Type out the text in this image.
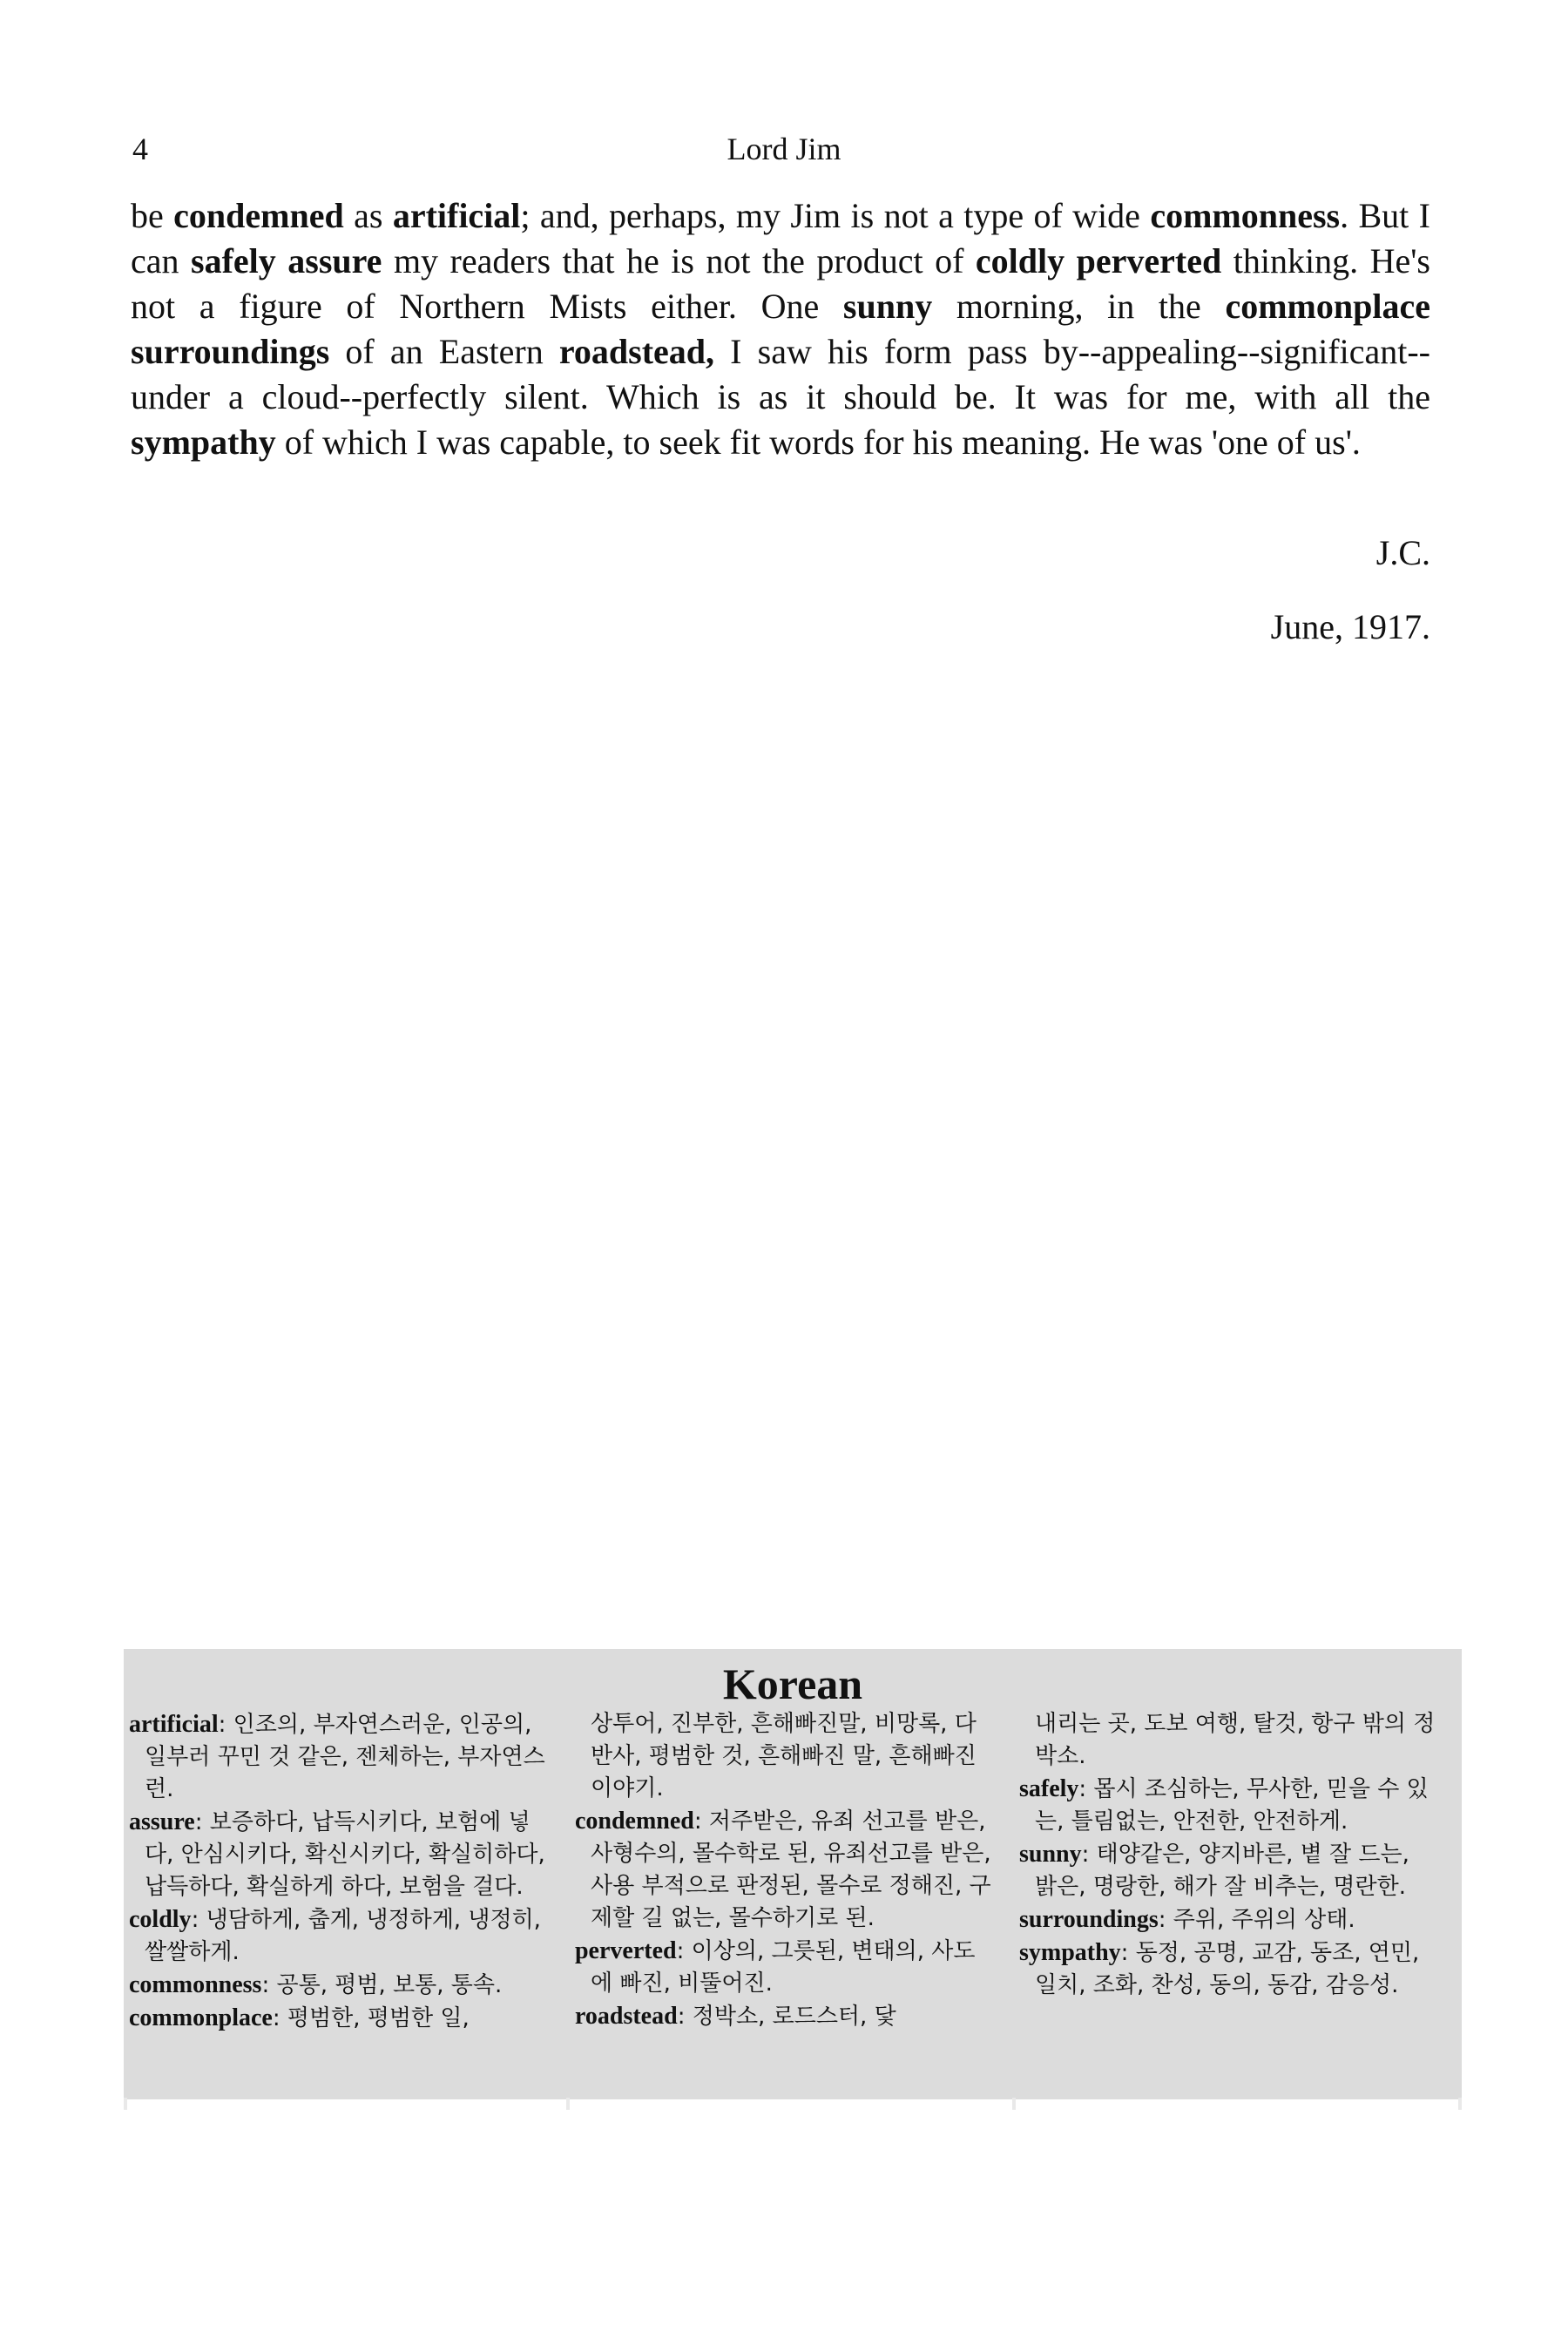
4	Lord Jim
be condemned as artificial; and, perhaps, my Jim is not a type of wide commonness. But I can safely assure my readers that he is not the product of coldly perverted thinking. He's not a figure of Northern Mists either. One sunny morning, in the commonplace surroundings of an Eastern roadstead, I saw his form pass by--appealing--significant--under a cloud--perfectly silent. Which is as it should be. It was for me, with all the sympathy of which I was capable, to seek fit words for his meaning. He was 'one of us'.
J.C.
June, 1917.
Korean
artificial: 인조의, 부자연스러운, 인공의, 일부러 꾸민 것 같은, 젠체하는, 부자연스런.
assure: 보증하다, 납득시키다, 보험에 넣다, 안심시키다, 확신시키다, 확실히하다, 납득하다, 확실하게 하다, 보험을 걸다.
coldly: 냉담하게, 춥게, 냉정하게, 냉정히, 쌀쌀하게.
commonness: 공통, 평범, 보통, 통속.
commonplace: 평범한, 평범한 일,
상투어, 진부한, 흔해빠진말, 비망록, 다반사, 평범한 것, 흔해빠진 말, 흔해빠진 이야기.
condemned: 저주받은, 유죄 선고를 받은, 사형수의, 몰수학로 된, 유죄선고를 받은, 사용 부적으로 판정된, 몰수로 정해진, 구제할 길 없는, 몰수하기로 된.
perverted: 이상의, 그릇된, 변태의, 사도에 빠진, 비뚤어진.
roadstead: 정박소, 로드스터, 닻
내리는 곳, 도보 여행, 탈것, 항구 밖의 정박소.
safely: 몹시 조심하는, 무사한, 믿을 수 있는, 틀림없는, 안전한, 안전하게.
sunny: 태양같은, 양지바른, 볕 잘 드는, 밝은, 명랑한, 해가 잘 비추는, 명란한.
surroundings: 주위, 주위의 상태.
sympathy: 동정, 공명, 교감, 동조, 연민, 일치, 조화, 찬성, 동의, 동감, 감응성.
